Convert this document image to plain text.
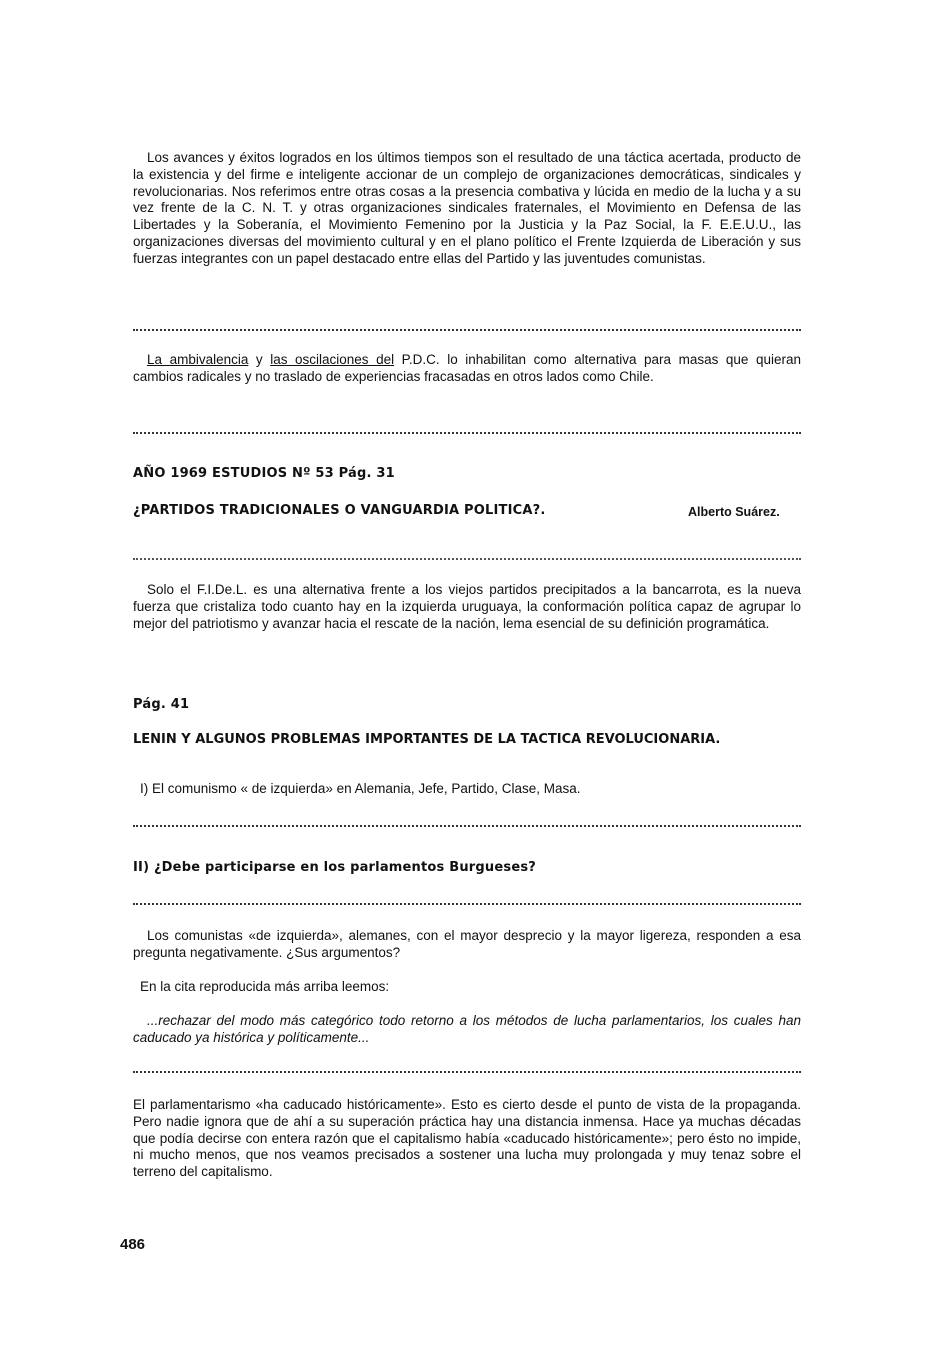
Los avances y éxitos logrados en los últimos tiempos son el resultado de una táctica acertada, producto de la existencia y del firme e inteligente accionar de un complejo de organizaciones democráticas, sindicales y revolucionarias. Nos referimos entre otras cosas a la presencia combativa y lúcida en medio de la lucha y a su vez frente de la C. N. T. y otras organizaciones sindicales fraternales, el Movimiento en Defensa de las Libertades y la Soberanía, el Movimiento Femenino por la Justicia y la Paz Social, la F. E.E.U.U., las organizaciones diversas del movimiento cultural y en el plano político el Frente Izquierda de Liberación y sus fuerzas integrantes con un papel destacado entre ellas del Partido y las juventudes comunistas.
La ambivalencia y las oscilaciones del P.D.C. lo inhabilitan como alternativa para masas que quieran cambios radicales y no traslado de experiencias fracasadas en otros lados como Chile.
AÑO 1969 ESTUDIOS Nº 53 Pág. 31
¿PARTIDOS TRADICIONALES O VANGUARDIA POLITICA?.	Alberto Suárez.
Solo el F.I.De.L. es una alternativa frente a los viejos partidos precipitados a la bancarrota, es la nueva fuerza que cristaliza todo cuanto hay en la izquierda uruguaya, la conformación política capaz de agrupar lo mejor del patriotismo y avanzar hacia el rescate de la nación, lema esencial de su definición programática.
Pág. 41
LENIN Y ALGUNOS PROBLEMAS IMPORTANTES DE LA TACTICA REVOLUCIONARIA.
I) El comunismo « de izquierda» en Alemania, Jefe, Partido, Clase, Masa.
II) ¿Debe participarse en los parlamentos Burgueses?
Los comunistas «de izquierda», alemanes, con el mayor desprecio y la mayor ligereza, responden a esa pregunta negativamente. ¿Sus argumentos?
En la cita reproducida más arriba leemos:
...rechazar del modo más categórico todo retorno a los métodos de lucha parlamentarios, los cuales han caducado ya histórica y políticamente...
El parlamentarismo «ha caducado históricamente». Esto es cierto desde el punto de vista de la propaganda. Pero nadie ignora que de ahí a su superación práctica hay una distancia inmensa. Hace ya muchas décadas que podía decirse con entera razón que el capitalismo había «caducado históricamente»; pero ésto no impide, ni mucho menos, que nos veamos precisados a sostener una lucha muy prolongada y muy tenaz sobre el terreno del capitalismo.
486
